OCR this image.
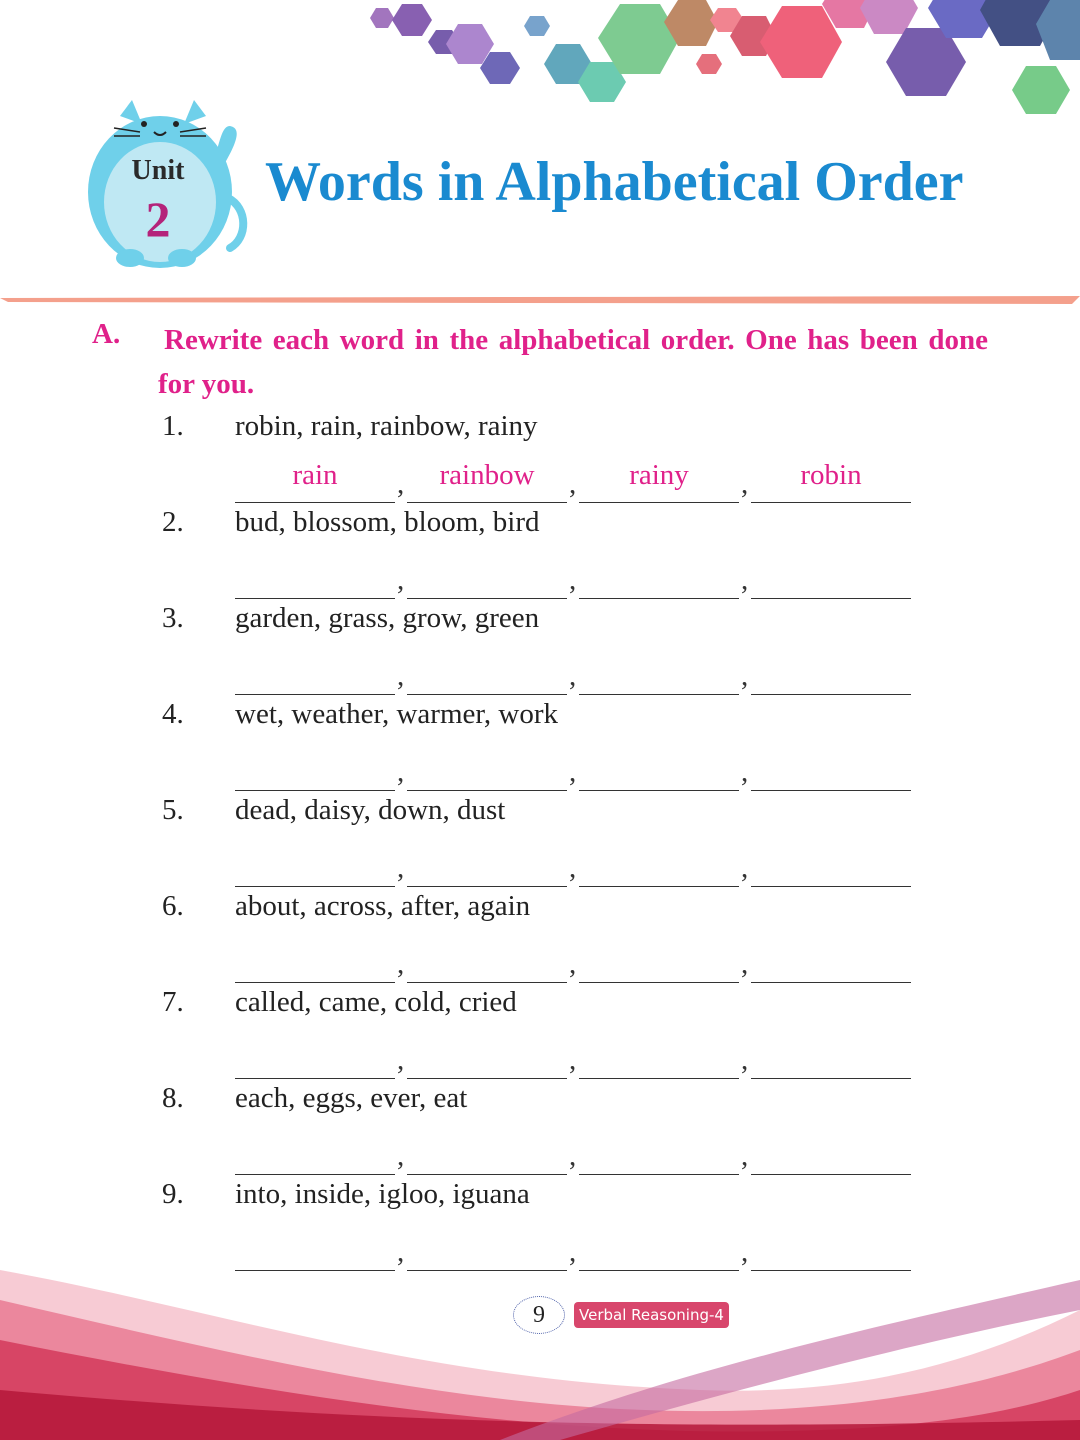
Unit
2
Words in Alphabetical Order
A. Rewrite each word in the alphabetical order. One has been done for you.
1. robin, rain, rainbow, rainy
rain	,	rainbow	,	rainy	,	robin
2. bud, blossom, bloom, bird
,	,	,
3. garden, grass, grow, green
,	,	,
4. wet, weather, warmer, work
,	,	,
5. dead, daisy, down, dust
,	,	,
6. about, across, after, again
,	,	,
7. called, came, cold, cried
,	,	,
8. each, eggs, ever, eat
,	,	,
9. into, inside, igloo, iguana
,	,	,
9	Verbal Reasoning-4
